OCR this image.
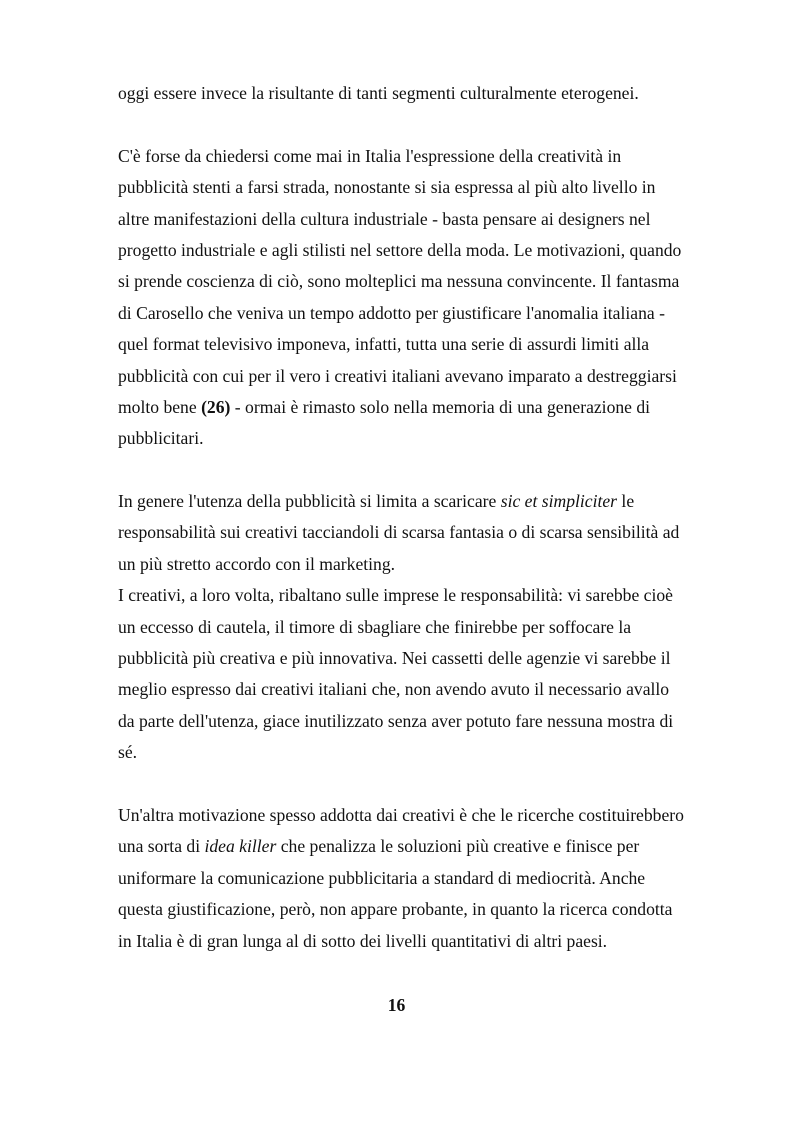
oggi essere invece la risultante di tanti segmenti culturalmente eterogenei.
C'è forse da chiedersi come mai in Italia l'espressione della creatività in
pubblicità stenti a farsi strada, nonostante si sia espressa al più alto livello in
altre manifestazioni della cultura industriale - basta pensare ai designers nel
progetto industriale e agli stilisti nel settore della moda. Le motivazioni, quando
si prende coscienza di ciò, sono molteplici ma nessuna convincente. Il fantasma
di Carosello che veniva un tempo addotto per giustificare l'anomalia italiana -
quel format televisivo imponeva, infatti, tutta una serie di assurdi limiti alla
pubblicità con cui per il vero i creativi italiani avevano imparato a destreggiarsi
molto bene (26) - ormai è rimasto solo nella memoria di una generazione di
pubblicitari.
In genere l'utenza della pubblicità si limita a scaricare sic et simpliciter le
responsabilità sui creativi tacciandoli di scarsa fantasia o di scarsa sensibilità ad
un più stretto accordo con il marketing.
I creativi, a loro volta, ribaltano sulle imprese le responsabilità: vi sarebbe cioè
un eccesso di cautela, il timore di sbagliare che finirebbe per soffocare la
pubblicità più creativa e più innovativa. Nei cassetti delle agenzie vi sarebbe il
meglio espresso dai creativi italiani che, non avendo avuto il necessario avallo
da parte dell'utenza, giace inutilizzato senza aver potuto fare nessuna mostra di
sé.
Un'altra motivazione spesso addotta dai creativi è che le ricerche costituirebbero
una sorta di idea killer che penalizza le soluzioni più creative e finisce per
uniformare la comunicazione pubblicitaria a standard di mediocrità. Anche
questa giustificazione, però, non appare probante, in quanto la ricerca condotta
in Italia è di gran lunga al di sotto dei livelli quantitativi di altri paesi.
16
